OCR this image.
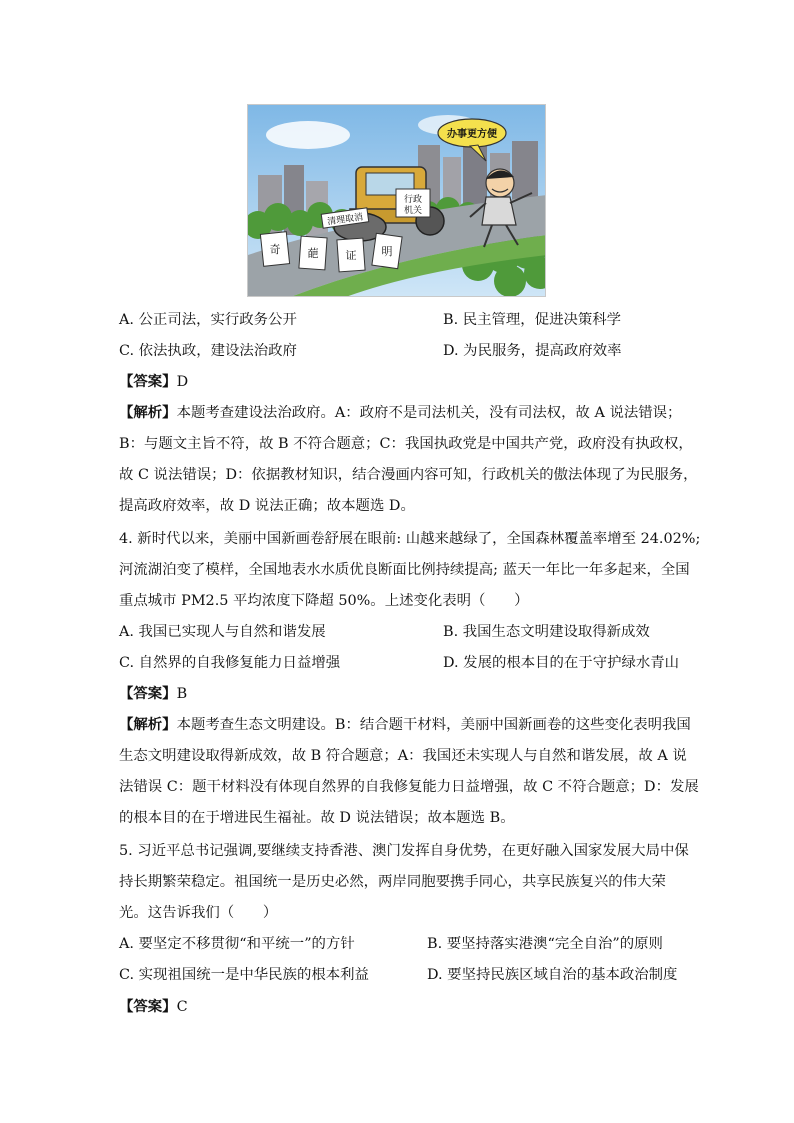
行政
机关
清理取消
奇 葩 证 明
办事更方便
A. 公正司法，实行政务公开	B. 民主管理，促进决策科学
C. 依法执政，建设法治政府	D. 为民服务，提高政府效率
【答案】D
【解析】本题考查建设法治政府。A：政府不是司法机关，没有司法权，故 A 说法错误；
B：与题文主旨不符，故 B 不符合题意；C：我国执政党是中国共产党，政府没有执政权，
故 C 说法错误；D：依据教材知识，结合漫画内容可知，行政机关的傲法体现了为民服务，
提高政府效率，故 D 说法正确；故本题选 D。
4. 新时代以来，美丽中国新画卷舒展在眼前: 山越来越绿了，全国森林覆盖率增至 24.02%;
河流湖泊变了模样，全国地表水水质优良断面比例持续提高; 蓝天一年比一年多起来，全国
重点城市 PM2.5 平均浓度下降超 50%。上述变化表明（　　）
A. 我国已实现人与自然和谐发展	B. 我国生态文明建设取得新成效
C. 自然界的自我修复能力日益增强	D. 发展的根本目的在于守护绿水青山
【答案】B
【解析】本题考查生态文明建设。B：结合题干材料，美丽中国新画卷的这些变化表明我国
生态文明建设取得新成效，故 B 符合题意；A：我国还未实现人与自然和谐发展，故 A 说
法错误 C：题干材料没有体现自然界的自我修复能力日益增强，故 C 不符合题意；D：发展
的根本目的在于增进民生福祉。故 D 说法错误；故本题选 B。
5. 习近平总书记强调,要继续支持香港、澳门发挥自身优势，在更好融入国家发展大局中保
持长期繁荣稳定。祖国统一是历史必然，两岸同胞要携手同心，共享民族复兴的伟大荣
光。这告诉我们（　　）
A. 要坚定不移贯彻“和平统一”的方针	B. 要坚持落实港澳“完全自治”的原则
C. 实现祖国统一是中华民族的根本利益	D. 要坚持民族区域自治的基本政治制度
【答案】C
